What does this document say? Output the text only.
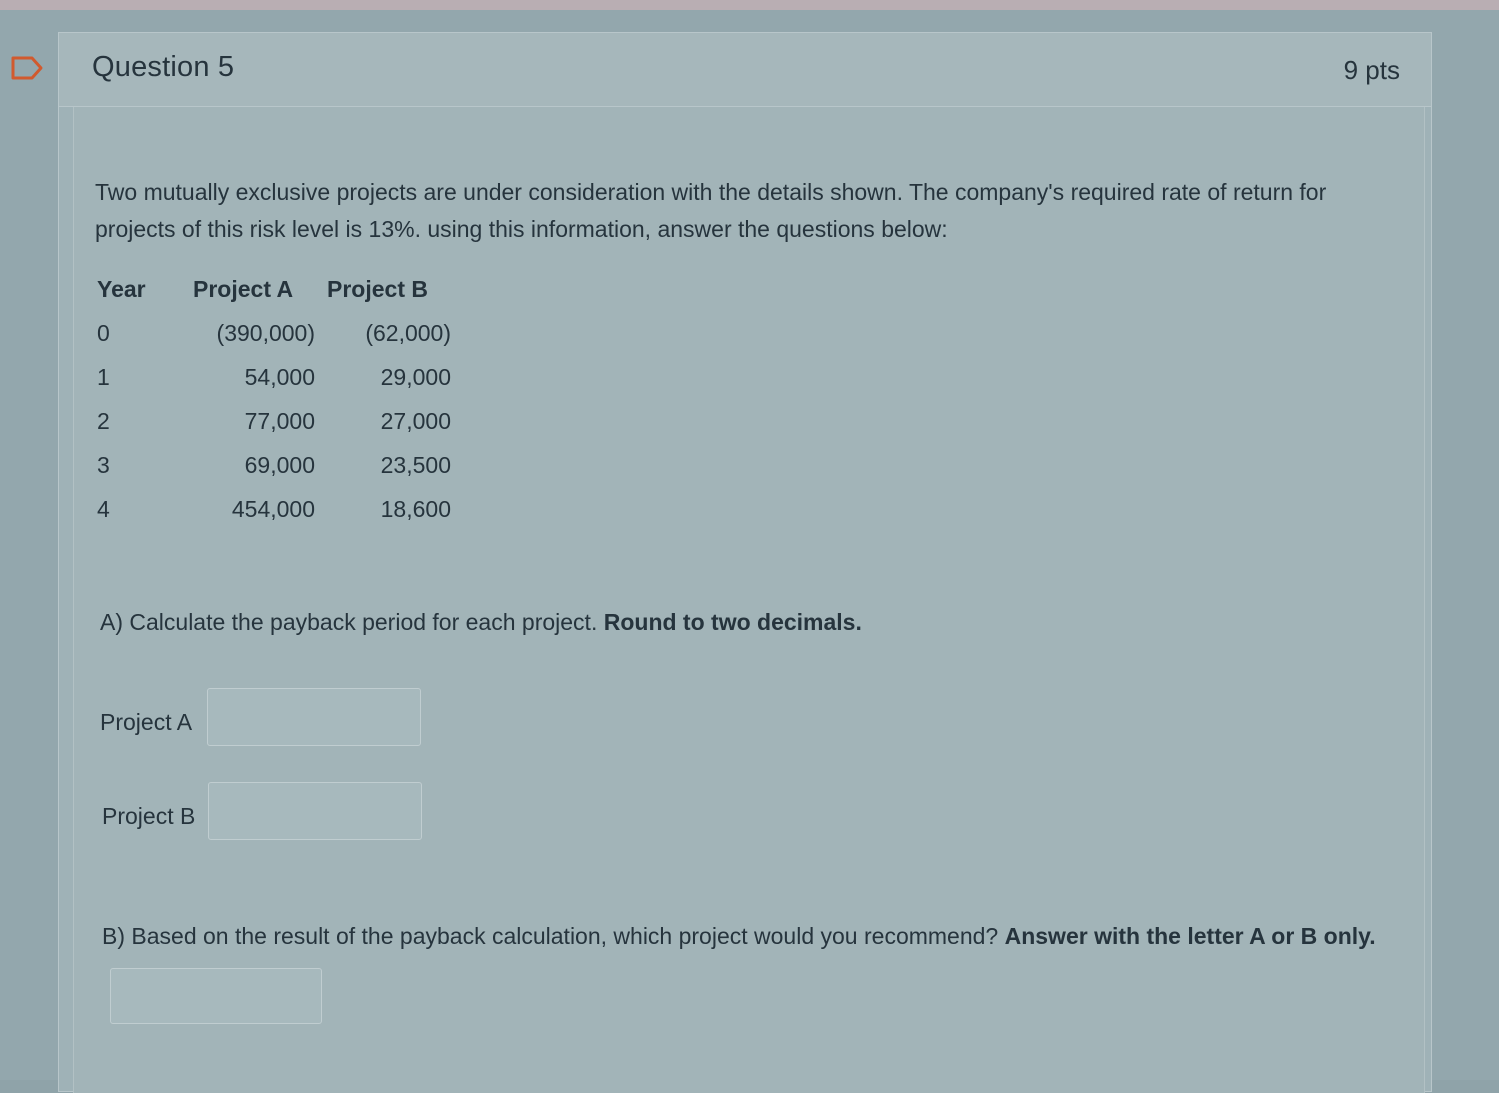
Question 5	9 pts
Two mutually exclusive projects are under consideration with the details shown. The company's required rate of return for projects of this risk level is 13%. using this information, answer the questions below:
Year	Project A	Project B
0	(390,000)	(62,000)
1	54,000	29,000
2	77,000	27,000
3	69,000	23,500
4	454,000	18,600
A) Calculate the payback period for each project. Round to two decimals.
Project A
Project B
B) Based on the result of the payback calculation, which project would you recommend? Answer with the letter A or B only.
